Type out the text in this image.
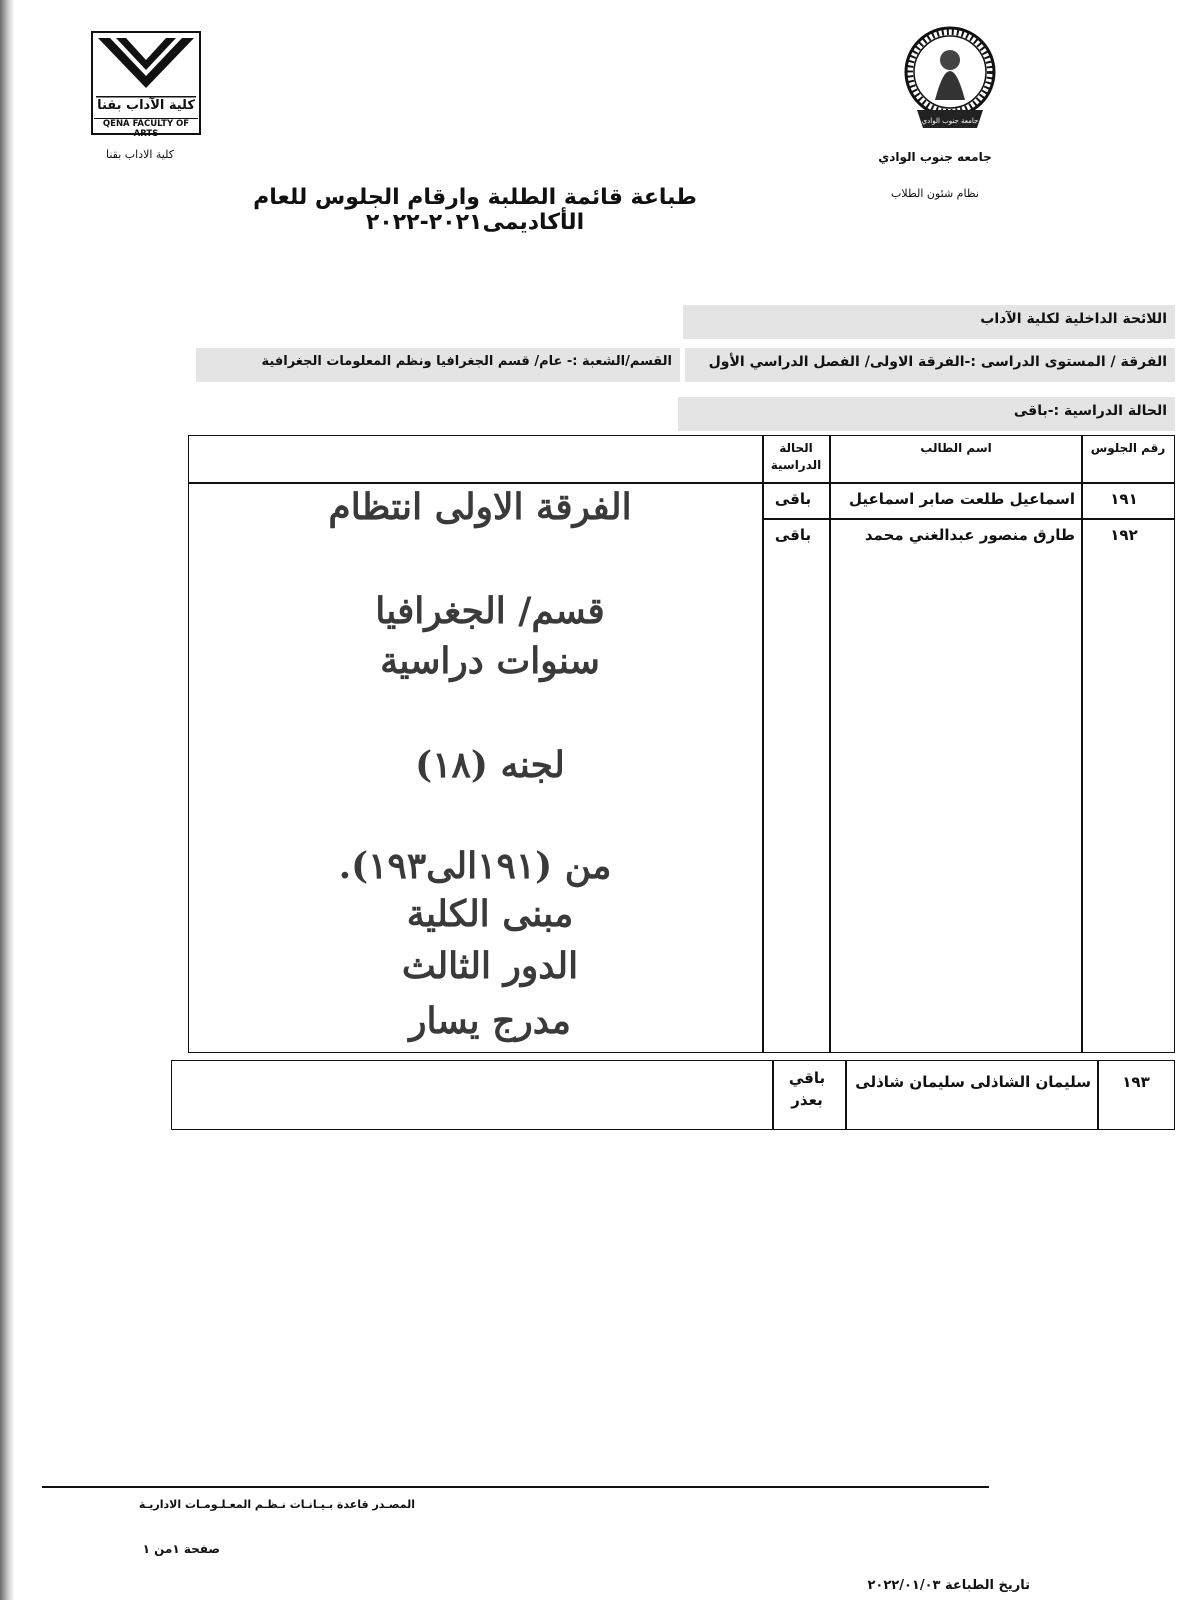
جامعة جنوب الوادي
جامعه جنوب الوادي
نظام شئون الطلاب
كلية الآداب بقنا
QENA FACULTY OF ARTS
كلية الاداب بقنا
طباعة قائمة الطلبة وارقام الجلوس للعام الأكاديمى٢٠٢١-٢٠٢٢
اللائحة الداخلية لكلية الآداب
الفرقة / المستوى الدراسى :-الفرقة الاولى/ الفصل الدراسي الأول
القسم/الشعبة :- عام/ قسم الجغرافيا ونظم المعلومات الجغرافية
الحالة الدراسية :-باقى
رقم الجلوس
اسم الطالب
الحالة الدراسية
١٩١
اسماعيل طلعت صابر اسماعيل
باقى
١٩٢
طارق منصور عبدالغني محمد
باقى
الفرقة الاولى انتظام
قسم/ الجغرافيا
سنوات دراسية
لجنه (١٨)
من (١٩١الى١٩٣).
مبنى الكلية
الدور الثالث
مدرج يسار
١٩٣
سليمان الشاذلى سليمان شاذلى
باقي بعذر
المصـدر قاعدة بـيـانـات نـظـم المعـلـومـات الاداريـة
صفحة ١من ١
تاريخ الطباعة ٢٠٢٢/٠١/٠٣
